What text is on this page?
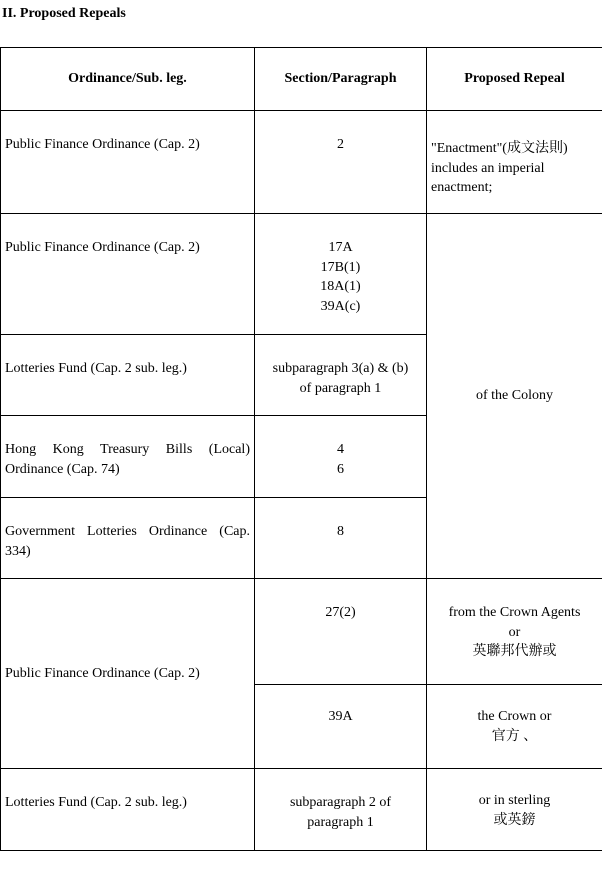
II. Proposed Repeals
Ordinance/Sub. leg.	Section/Paragraph	Proposed Repeal
Public Finance Ordinance (Cap. 2)	2	"Enactment"(成文法則)
includes an imperial
enactment;

Public Finance Ordinance (Cap. 2)	17A
17B(1)
18A(1)
39A(c)	of the Colony
Lotteries Fund (Cap. 2 sub. leg.)	subparagraph 3(a) & (b)
of paragraph 1	

Hong Kong Treasury Bills (Local) Ordinance (Cap. 74)	4
6	

Government Lotteries Ordinance (Cap. 334)	8	

Public Finance Ordinance (Cap. 2)	27(2)	from the Crown Agents
or
英聯邦代辦或

	39A	the Crown or
官方 、

Lotteries Fund (Cap. 2 sub. leg.)	subparagraph 2 of
paragraph 1	or in sterling
或英鎊
